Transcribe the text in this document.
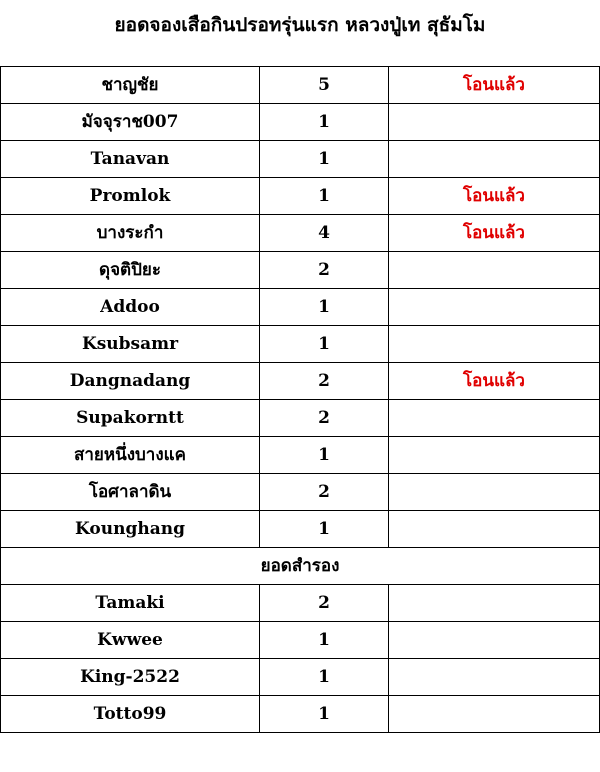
ยอดจองเสือกินปรอทรุ่นแรก หลวงปู่เท สุธัมโม
ชาญชัย	5	โอนแล้ว
มัจจุราช007	1	
Tanavan	1	
Promlok	1	โอนแล้ว
บางระกำ	4	โอนแล้ว
ดุจติปิยะ	2	
Addoo	1	
Ksubsamr	1	
Dangnadang	2	โอนแล้ว
Supakorntt	2	
สายหนึ่งบางแค	1	
โอศาลาดิน	2	
Kounghang	1	
ยอดสำรอง		
Tamaki	2	
Kwwee	1	
King-2522	1	
Totto99	1	
